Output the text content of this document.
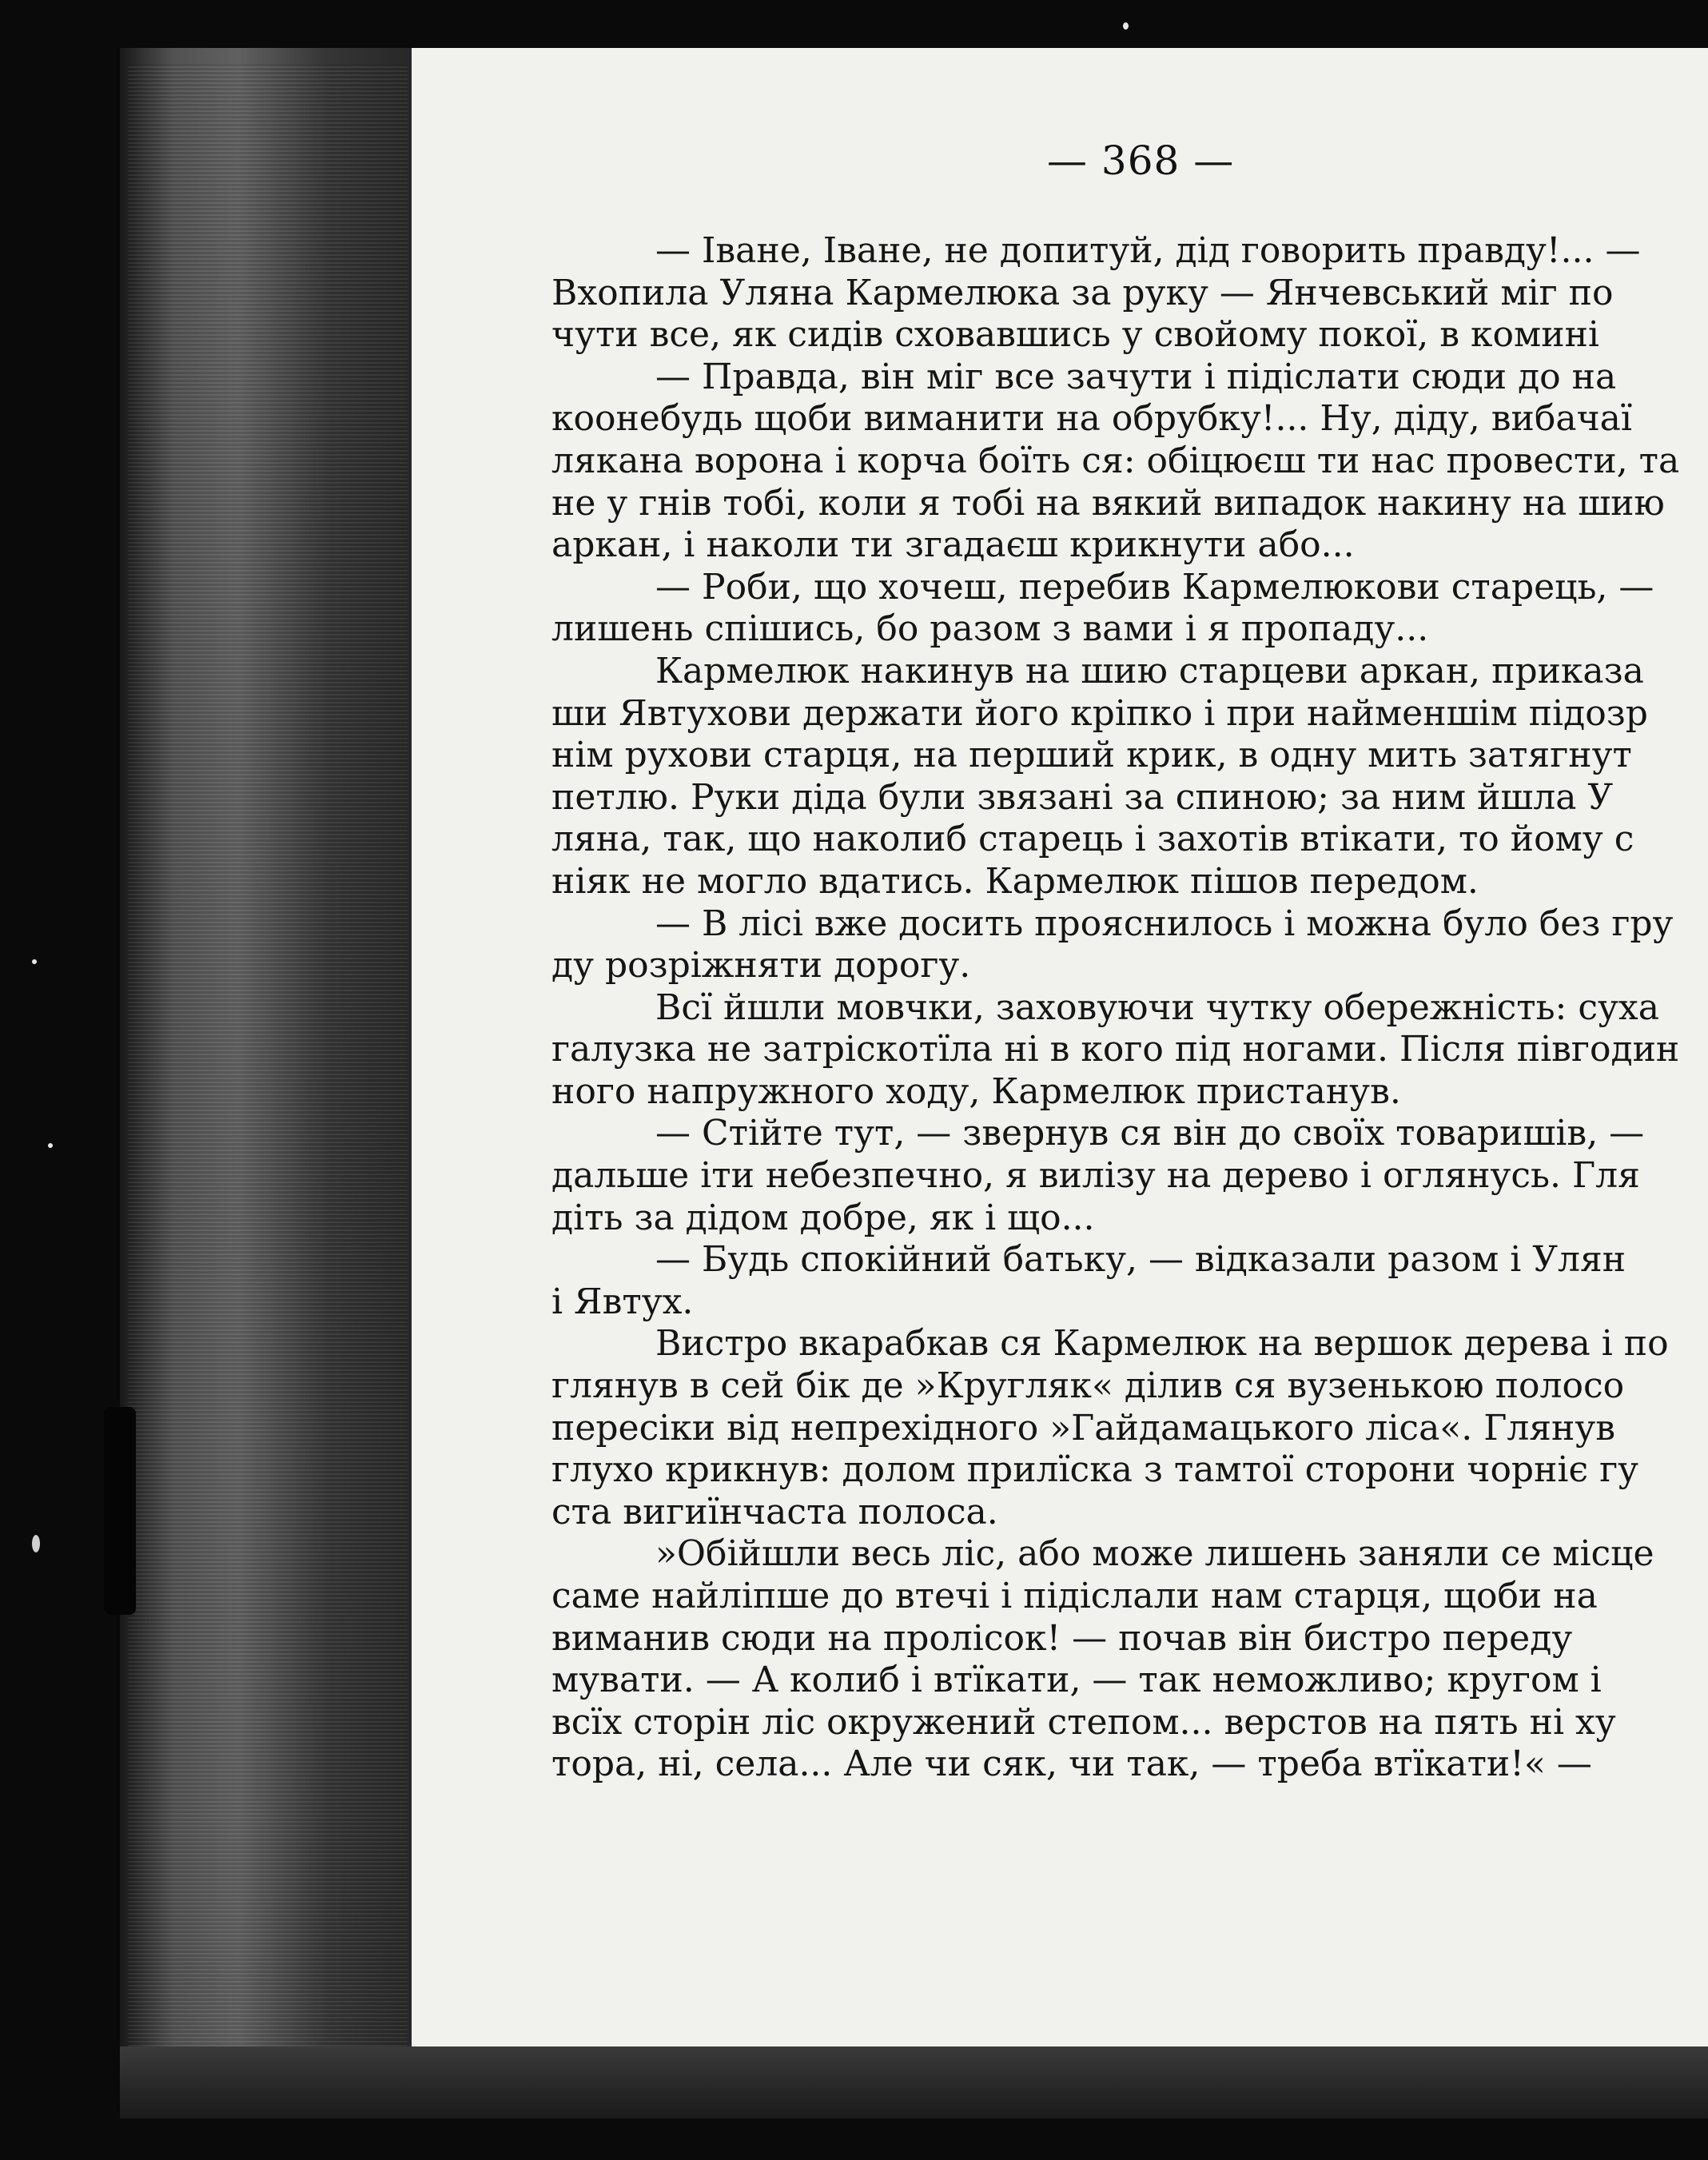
— 368 —
— Іване, Іване, не допитуй, дід говорить правду!... —
Вхопила Уляна Кармелюка за руку — Янчевський міг по
чути все, як сидів сховавшись у свойому покої, в комині
— Правда, він міг все зачути і підіслати сюди до на
коонебудь щоби виманити на обрубку!... Ну, діду, вибачаї
лякана ворона і корча боїть ся: обіцюєш ти нас провести, та
не у гнів тобі, коли я тобі на вякий випадок накину на шию
аркан, і наколи ти згадаєш крикнути або...
— Роби, що хочеш, перебив Кармелюкови старець, —
лишень спішись, бо разом з вами і я пропаду...
Кармелюк накинув на шию старцеви аркан, приказа
ши Явтухови держати його кріпко і при найменшім підозр
нім рухови старця, на перший крик, в одну мить затягнут
петлю. Руки діда були звязані за спиною; за ним йшла У
ляна, так, що наколиб старець і захотів втікати, то йому с
ніяк не могло вдатись. Кармелюк пішов передом.
— В лісі вже досить прояснилось і можна було без гру
ду розріжняти дорогу.
Всї йшли мовчки, заховуючи чутку обережність: суха
галузка не затріскотїла ні в кого під ногами. Після півгодин
ного напружного ходу, Кармелюк пристанув.
— Стійте тут, — звернув ся він до своїх товаришів, —
дальше іти небезпечно, я вилізу на дерево і оглянусь. Гля
діть за дідом добре, як і що...
— Будь спокійний батьку, — відказали разом і Улян
і Явтух.
Вистро вкарабкав ся Кармелюк на вершок дерева і по
глянув в сей бік де »Кругляк« ділив ся вузенькою полосо
пересіки від непрехідного »Гайдамацького ліса«. Глянув
глухо крикнув: долом прилїска з тамтої сторони чорніє гу
ста вигиїнчаста полоса.
»Обійшли весь ліс, або може лишень заняли се місце
саме найліпше до втечі і підіслали нам старця, щоби на
виманив сюди на пролісок! — почав він бистро переду
мувати. — А колиб і втїкати, — так неможливо; кругом і
всїх сторін ліс окружений степом... верстов на пять ні ху
тора, ні, села... Але чи сяк, чи так, — треба втїкати!« —
